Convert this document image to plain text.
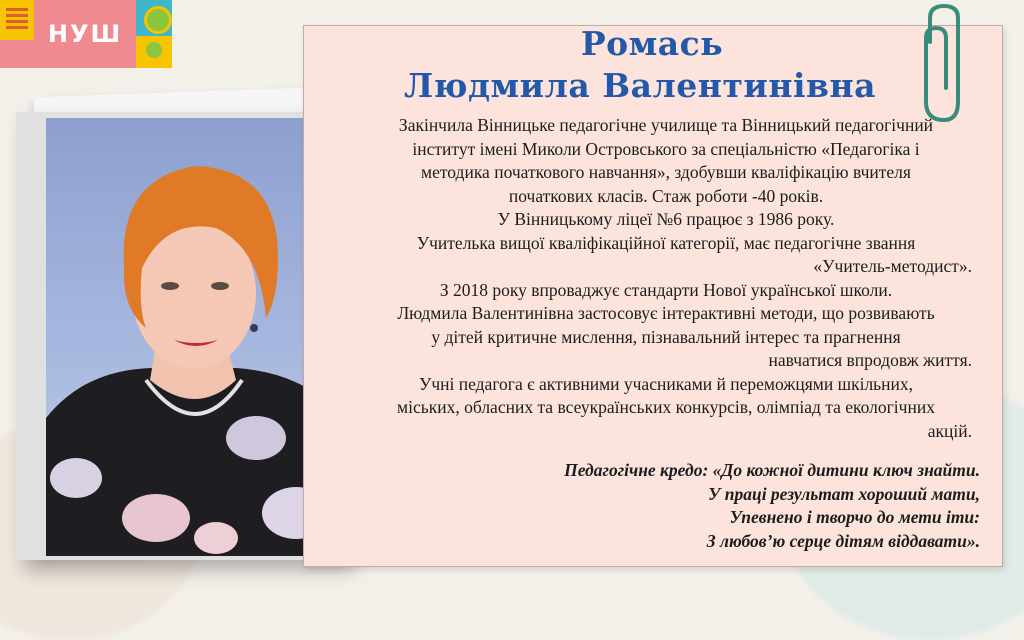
НУШ	Ромась
Людмила Валентинівна

Закінчила Вінницьке педагогічне училище та Вінницький педагогічний

інститут імені Миколи Островського за спеціальністю «Педагогіка і

методика початкового навчання», здобувши кваліфікацію вчителя

початкових класів. Стаж роботи -40 років.

У Вінницькому ліцеї №6 працює з 1986 року.

Учителька вищої кваліфікаційної категорії, має педагогічне звання

«Учитель-методист».

З 2018 року впроваджує стандарти Нової української школи.

Людмила Валентинівна застосовує інтерактивні методи, що розвивають

у дітей критичне мислення, пізнавальний інтерес та прагнення

навчатися впродовж життя.

Учні педагога є активними учасниками й переможцями шкільних,

міських, обласних та всеукраїнських конкурсів, олімпіад та екологічних

акцій.

Педагогічне кредо: «До кожної дитини ключ знайти.

У праці результат хороший мати,

Упевнено і творчо до мети іти:

З любов’ю серце дітям віддавати».
